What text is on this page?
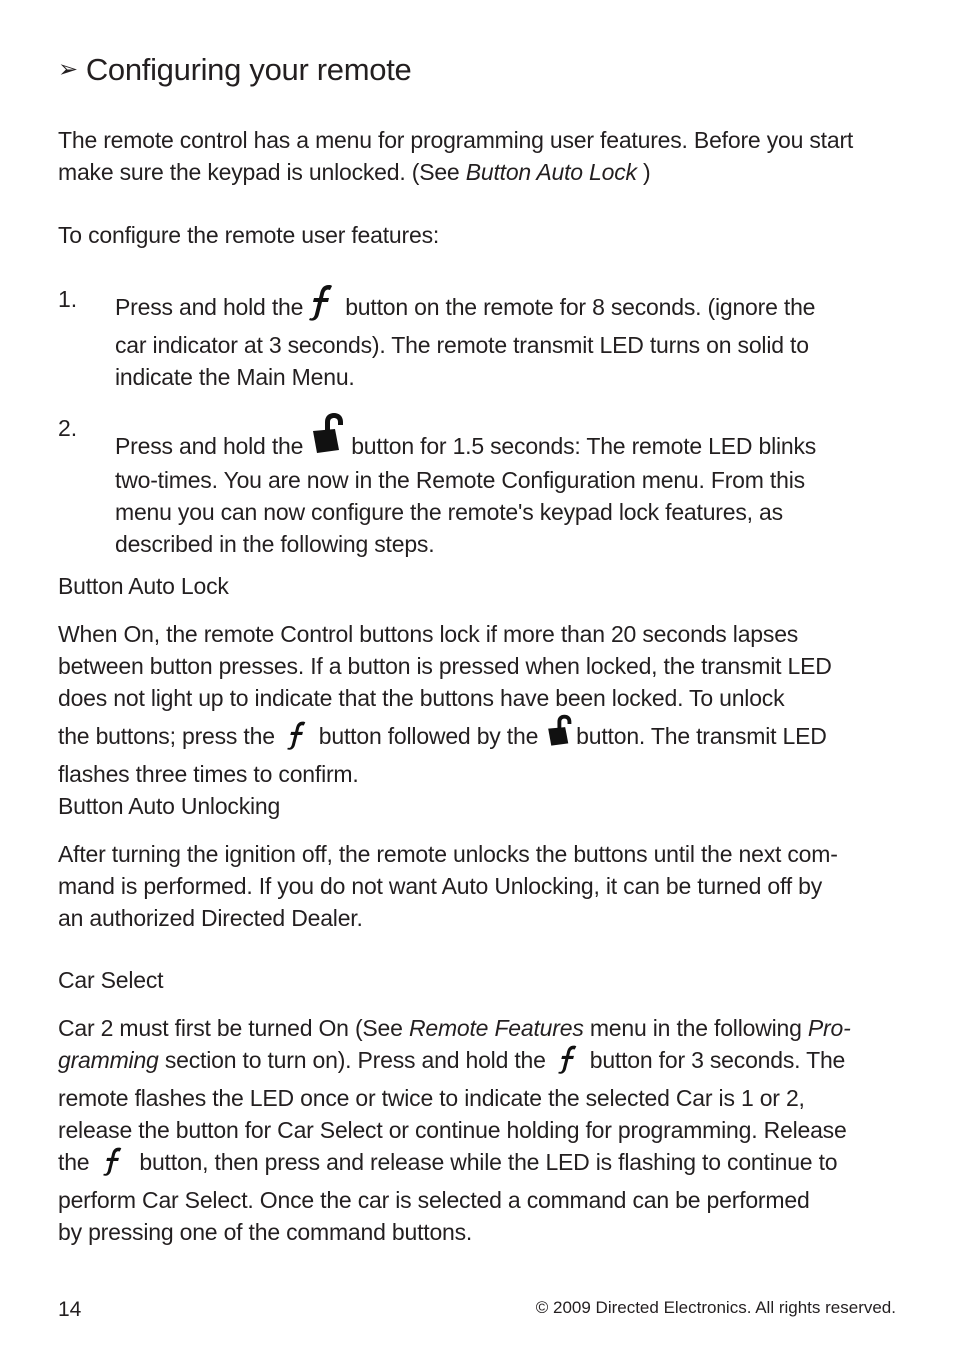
➢ Configuring your remote
The remote control has a menu for programming user features. Before you start
make sure the keypad is unlocked. (See Button Auto Lock )
To configure the remote user features:
1. Press and hold the button on the remote for 8 seconds. (ignore the
car indicator at 3 seconds). The remote transmit LED turns on solid to
indicate the Main Menu.
2.
Press and hold the button for 1.5 seconds: The remote LED blinks
two-times. You are now in the Remote Configuration menu. From this
menu you can now configure the remote's keypad lock features, as
described in the following steps.
Button Auto Lock
When On, the remote Control buttons lock if more than 20 seconds lapses
between button presses. If a button is pressed when locked, the transmit LED
does not light up to indicate that the buttons have been locked. To unlock
the buttons; press the button followed by the button. The transmit LED
flashes three times to confirm.
Button Auto Unlocking
After turning the ignition off, the remote unlocks the buttons until the next com-
mand is performed. If you do not want Auto Unlocking, it can be turned off by
an authorized Directed Dealer.
Car Select
Car 2 must first be turned On (See Remote Features menu in the following Pro-
gramming section to turn on). Press and hold the button for 3 seconds. The
remote flashes the LED once or twice to indicate the selected Car is 1 or 2,
release the button for Car Select or continue holding for programming. Release
the button, then press and release while the LED is flashing to continue to
perform Car Select. Once the car is selected a command can be performed
by pressing one of the command buttons.
14	© 2009 Directed Electronics. All rights reserved.
